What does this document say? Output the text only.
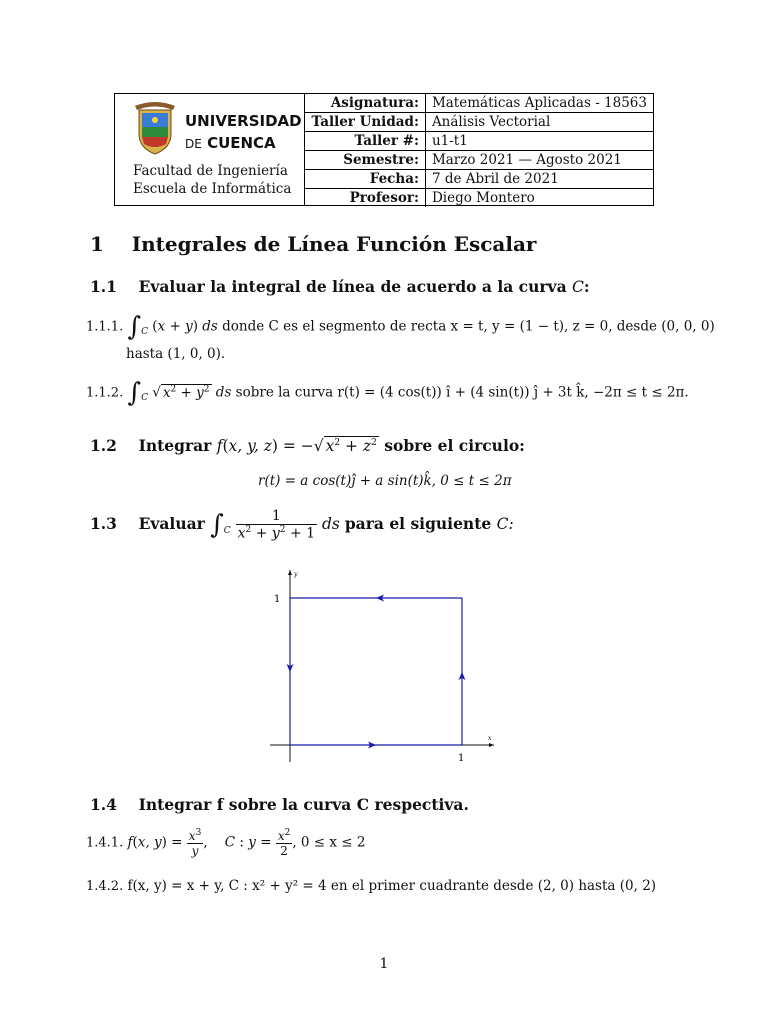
UNIVERSIDAD
DE CUENCA
Facultad de Ingeniería
Escuela de Informática
Asignatura:	Matemáticas Aplicadas - 18563
Taller Unidad:	Análisis Vectorial
Taller #:	u1-t1
Semestre:	Marzo 2021 — Agosto 2021
Fecha:	7 de Abril de 2021
Profesor:	Diego Montero
1 Integrales de Línea Función Escalar
1.1 Evaluar la integral de línea de acuerdo a la curva C:
1.1.1. $\int_C$ (x + y) ds donde C es el segmento de recta x = t, y = (1 − t), z = 0, desde (0, 0, 0)
hasta (1, 0, 0).
1.1.2. $\int_C$ √ $x^2 + y^2$ ds sobre la curva r(t) = (4 cos(t)) î + (4 sin(t)) ĵ + 3t k̂, −2π ≤ t ≤ 2π.
1.2 Integrar f(x, y, z) = −√ $x^2 + z^2$ sobre el circulo:
r(t) = a cos(t)ĵ + a sin(t)k̂, 0 ≤ t ≤ 2π
1.3 Evaluar $\int_C \frac{1}{x^2 + y^2 + 1}$ ds para el siguiente C:
x
y
1
1
1.4 Integrar f sobre la curva C respectiva.
1.4.1. f(x, $y) = \frac{x^3}{y}$ ,    C : $y = \frac{x^2}{2}$ , 0 ≤ x ≤ 2
1.4.2. f(x, y) = x + y, C : x² + y² = 4 en el primer cuadrante desde (2, 0) hasta (0, 2)
1
